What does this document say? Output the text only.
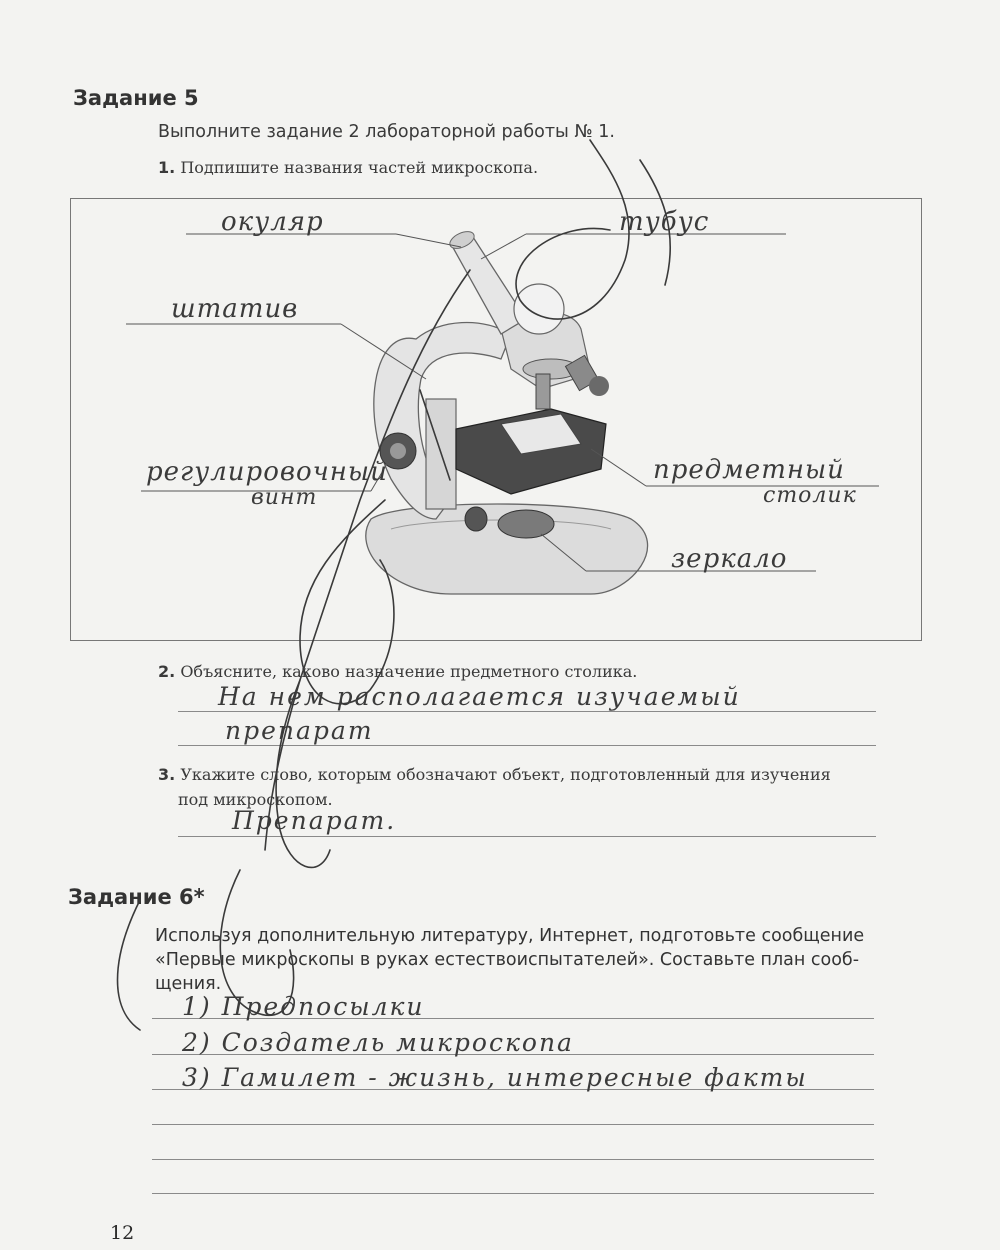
Задание 5
Выполните задание 2 лабораторной работы № 1.
1. Подпишите названия частей микроскопа.
окуляр	тубус
штатив
регулировочный
винт
предметный
столик
зеркало
2. Объясните, каково назначение предметного столика.
На нем располагается изучаемый
препарат
3. Укажите слово, которым обозначают объект, подготовленный для изучения
под микроскопом.
Препарат.
Задание 6*
Используя дополнительную литературу, Интернет, подготовьте сообщение
«Первые микроскопы в руках естествоиспытателей». Составьте план сооб-
щения.
1) Предпосылки
2) Создатель микроскопа
3) Гамилет - жизнь, интересные факты
12
